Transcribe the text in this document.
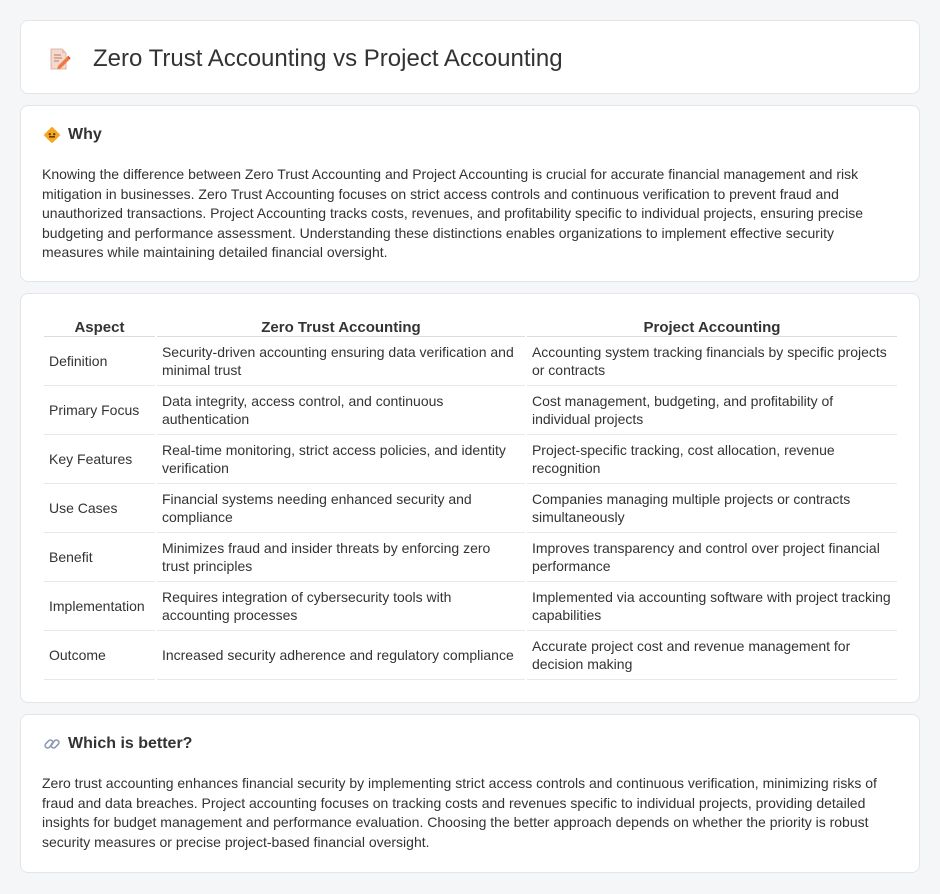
Zero Trust Accounting vs Project Accounting
Why

Knowing the difference between Zero Trust Accounting and Project Accounting is crucial for accurate financial management and risk mitigation in businesses. Zero Trust Accounting focuses on strict access controls and continuous verification to prevent fraud and unauthorized transactions. Project Accounting tracks costs, revenues, and profitability specific to individual projects, ensuring precise budgeting and performance assessment. Understanding these distinctions enables organizations to implement effective security measures while maintaining detailed financial oversight.

Aspect	Zero Trust Accounting	Project Accounting
Definition	Security-driven accounting ensuring data verification and minimal trust	Accounting system tracking financials by specific projects or contracts
Primary Focus	Data integrity, access control, and continuous authentication	Cost management, budgeting, and profitability of individual projects
Key Features	Real-time monitoring, strict access policies, and identity verification	Project-specific tracking, cost allocation, revenue recognition
Use Cases	Financial systems needing enhanced security and compliance	Companies managing multiple projects or contracts simultaneously
Benefit	Minimizes fraud and insider threats by enforcing zero trust principles	Improves transparency and control over project financial performance
Implementation	Requires integration of cybersecurity tools with accounting processes	Implemented via accounting software with project tracking capabilities
Outcome	Increased security adherence and regulatory compliance	Accurate project cost and revenue management for decision making
Which is better?

Zero trust accounting enhances financial security by implementing strict access controls and continuous verification, minimizing risks of fraud and data breaches. Project accounting focuses on tracking costs and revenues specific to individual projects, providing detailed insights for budget management and performance evaluation. Choosing the better approach depends on whether the priority is robust security measures or precise project-based financial oversight.
